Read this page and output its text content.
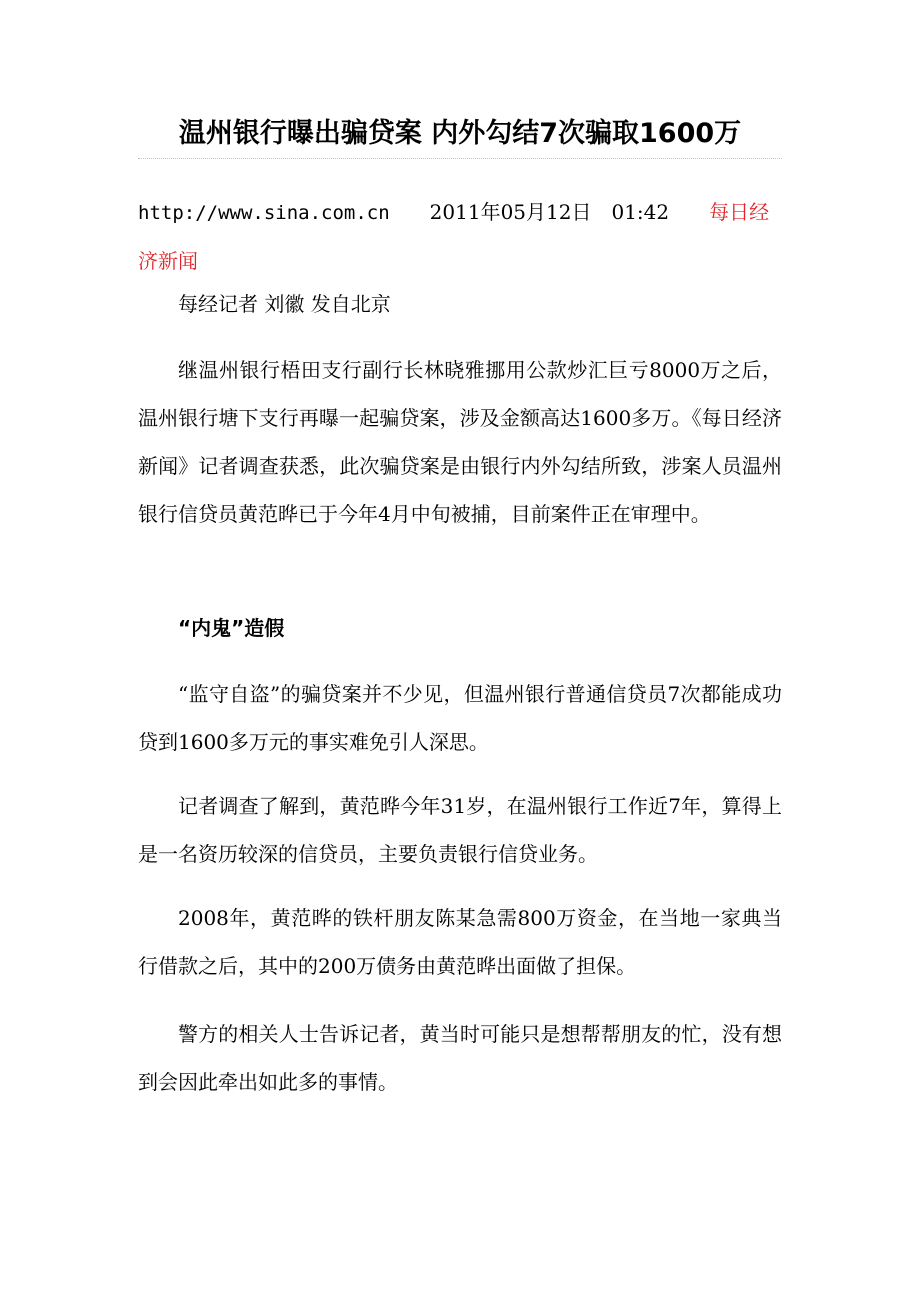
温州银行曝出骗贷案 内外勾结7次骗取1600万
http://www.sina.com.cn 2011年05月12日 01:42 每日经济新闻

每经记者 刘徽 发自北京

继温州银行梧田支行副行长林晓雅挪用公款炒汇巨亏8000万之后，温州银行塘下支行再曝一起骗贷案，涉及金额高达1600多万。《每日经济新闻》记者调查获悉，此次骗贷案是由银行内外勾结所致，涉案人员温州银行信贷员黄范晔已于今年4月中旬被捕，目前案件正在审理中。

“内鬼”造假

“监守自盗”的骗贷案并不少见，但温州银行普通信贷员7次都能成功贷到1600多万元的事实难免引人深思。

记者调查了解到，黄范晔今年31岁，在温州银行工作近7年，算得上是一名资历较深的信贷员，主要负责银行信贷业务。

2008年，黄范晔的铁杆朋友陈某急需800万资金，在当地一家典当行借款之后，其中的200万债务由黄范晔出面做了担保。

警方的相关人士告诉记者，黄当时可能只是想帮帮朋友的忙，没有想到会因此牵出如此多的事情。
